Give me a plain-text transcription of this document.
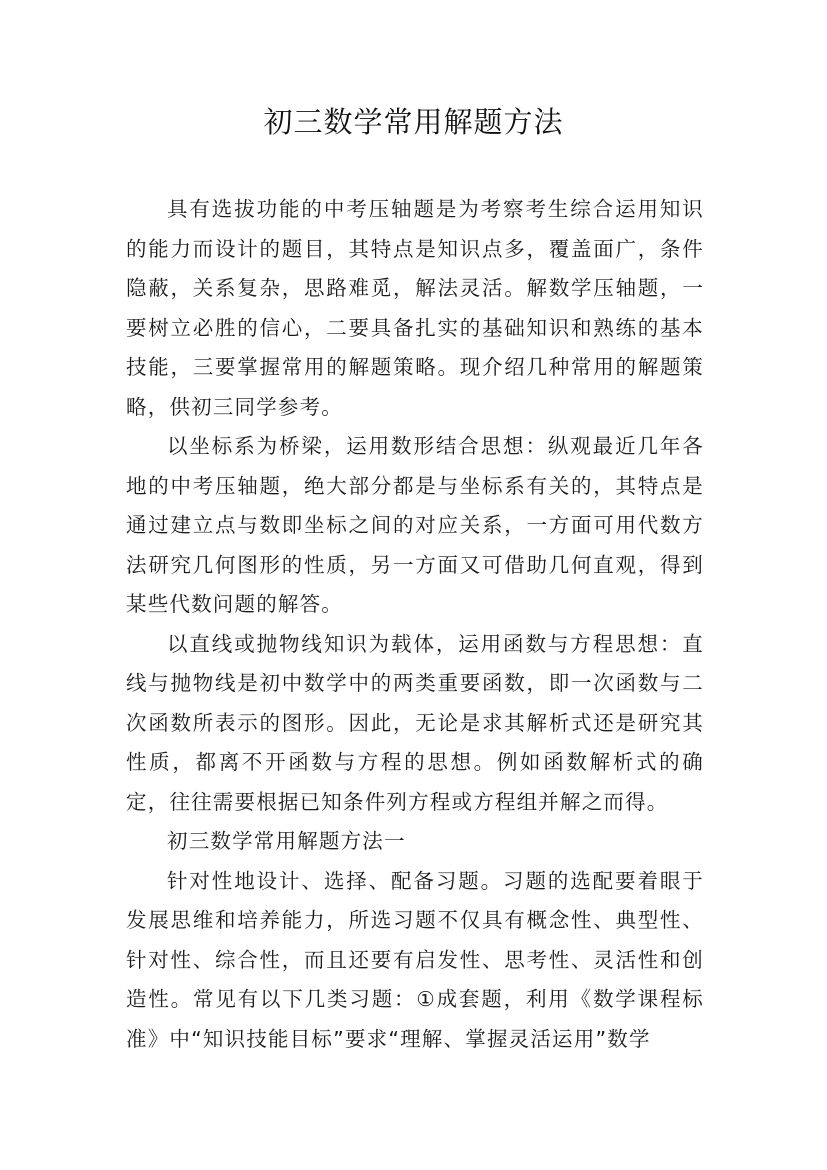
初三数学常用解题方法

具有选拔功能的中考压轴题是为考察考生综合运用知识的能力而设计的题目，其特点是知识点多，覆盖面广，条件隐蔽，关系复杂，思路难觅，解法灵活。解数学压轴题，一要树立必胜的信心，二要具备扎实的基础知识和熟练的基本技能，三要掌握常用的解题策略。现介绍几种常用的解题策略，供初三同学参考。

以坐标系为桥梁，运用数形结合思想：纵观最近几年各地的中考压轴题，绝大部分都是与坐标系有关的，其特点是通过建立点与数即坐标之间的对应关系，一方面可用代数方法研究几何图形的性质，另一方面又可借助几何直观，得到某些代数问题的解答。

以直线或抛物线知识为载体，运用函数与方程思想：直线与抛物线是初中数学中的两类重要函数，即一次函数与二次函数所表示的图形。因此，无论是求其解析式还是研究其性质，都离不开函数与方程的思想。例如函数解析式的确定，往往需要根据已知条件列方程或方程组并解之而得。

初三数学常用解题方法一

针对性地设计、选择、配备习题。习题的选配要着眼于发展思维和培养能力，所选习题不仅具有概念性、典型性、针对性、综合性，而且还要有启发性、思考性、灵活性和创造性。常见有以下几类习题：①成套题，利用《数学课程标准》中“知识技能目标”要求“理解、掌握灵活运用”数学
